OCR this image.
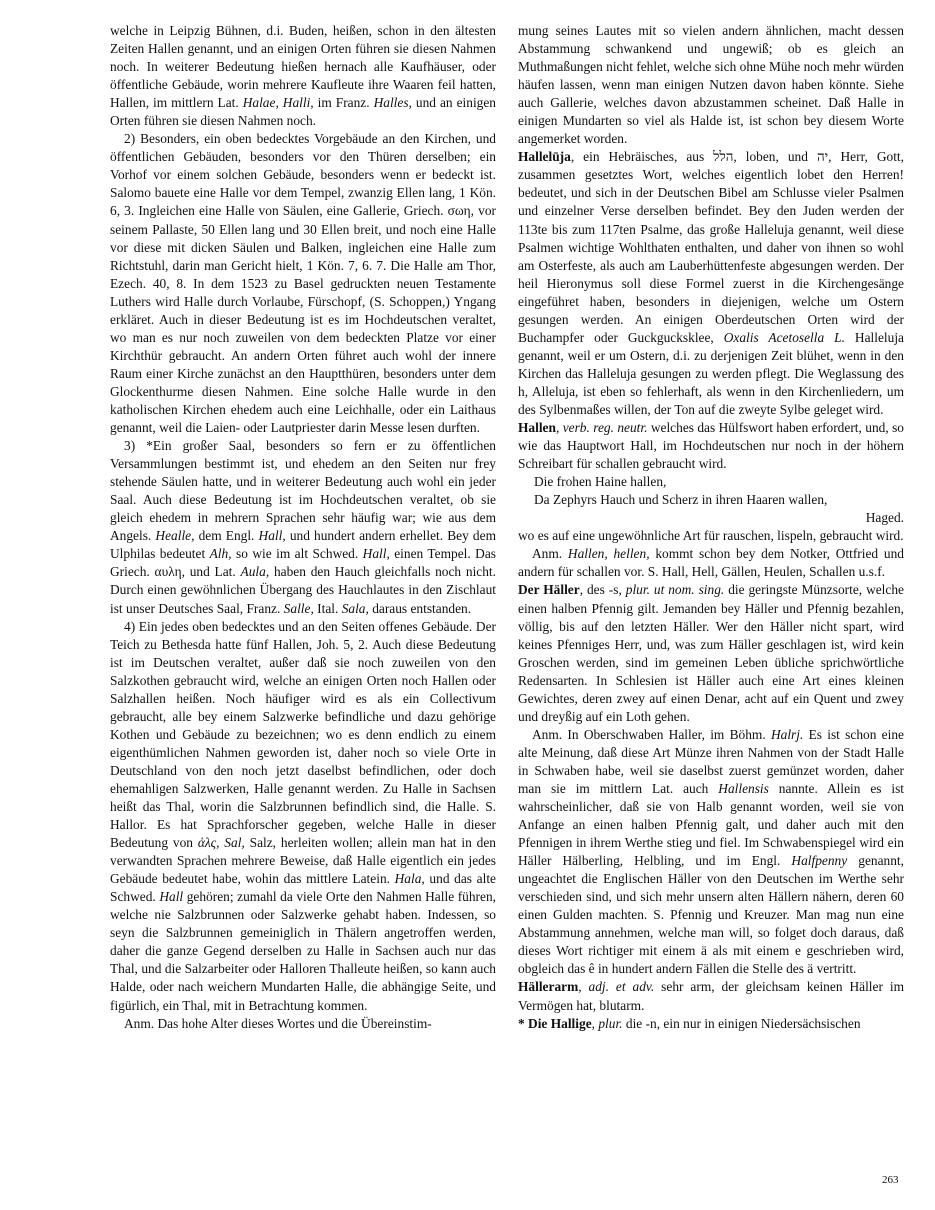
welche in Leipzig Bühnen, d.i. Buden, heißen, schon in den ältesten Zeiten Hallen genannt, und an einigen Orten führen sie diesen Nahmen noch. In weiterer Bedeutung hießen hernach alle Kaufhäuser, oder öffentliche Gebäude, worin mehrere Kaufleute ihre Waaren feil hatten, Hallen, im mittlern Lat. Halae, Halli, im Franz. Halles, und an einigen Orten führen sie diesen Nahmen noch.

2) Besonders, ein oben bedecktes Vorgebäude an den Kirchen, und öffentlichen Gebäuden, besonders vor den Thüren derselben; ein Vorhof vor einem solchen Gebäude, besonders wenn er bedeckt ist. Salomo bauete eine Halle vor dem Tempel, zwanzig Ellen lang, 1 Kön. 6, 3. Ingleichen eine Halle von Säulen, eine Gallerie, Griech. σωη, vor seinem Pallaste, 50 Ellen lang und 30 Ellen breit, und noch eine Halle vor diese mit dicken Säulen und Balken, ingleichen eine Halle zum Richtstuhl, darin man Gericht hielt, 1 Kön. 7, 6. 7. Die Halle am Thor, Ezech. 40, 8. In dem 1523 zu Basel gedruckten neuen Testamente Luthers wird Halle durch Vorlaube, Fürschopf, (S. Schoppen,) Yngang erkläret. Auch in dieser Bedeutung ist es im Hochdeutschen veraltet, wo man es nur noch zuweilen von dem bedeckten Platze vor einer Kirchthür gebraucht. An andern Orten führet auch wohl der innere Raum einer Kirche zunächst an den Hauptthüren, besonders unter dem Glockenthurme diesen Nahmen. Eine solche Halle wurde in den katholischen Kirchen ehedem auch eine Leichhalle, oder ein Laithaus genannt, weil die Laien- oder Lautpriester darin Messe lesen durften.

3) *Ein großer Saal, besonders so fern er zu öffentlichen Versammlungen bestimmt ist, und ehedem an den Seiten nur frey stehende Säulen hatte, und in weiterer Bedeutung auch wohl ein jeder Saal. Auch diese Bedeutung ist im Hochdeutschen veraltet, ob sie gleich ehedem in mehrern Sprachen sehr häufig war; wie aus dem Angels. Healle, dem Engl. Hall, und hundert andern erhellet. Bey dem Ulphilas bedeutet Alh, so wie im alt Schwed. Hall, einen Tempel. Das Griech. αυλη, und Lat. Aula, haben den Hauch gleichfalls noch nicht. Durch einen gewöhnlichen Übergang des Hauchlautes in den Zischlaut ist unser Deutsches Saal, Franz. Salle, Ital. Sala, daraus entstanden.

4) Ein jedes oben bedecktes und an den Seiten offenes Gebäude. Der Teich zu Bethesda hatte fünf Hallen, Joh. 5, 2. Auch diese Bedeutung ist im Deutschen veraltet, außer daß sie noch zuweilen von den Salzkothen gebraucht wird, welche an einigen Orten noch Hallen oder Salzhallen heißen. Noch häufiger wird es als ein Collectivum gebraucht, alle bey einem Salzwerke befindliche und dazu gehörige Kothen und Gebäude zu bezeichnen; wo es denn endlich zu einem eigenthümlichen Nahmen geworden ist, daher noch so viele Orte in Deutschland von den noch jetzt daselbst befindlichen, oder doch ehemahligen Salzwerken, Halle genannt werden. Zu Halle in Sachsen heißt das Thal, worin die Salzbrunnen befindlich sind, die Halle. S. Hallor. Es hat Sprachforscher gegeben, welche Halle in dieser Bedeutung von ἁλς, Sal, Salz, herleiten wollen; allein man hat in den verwandten Sprachen mehrere Beweise, daß Halle eigentlich ein jedes Gebäude bedeutet habe, wohin das mittlere Latein. Hala, und das alte Schwed. Hall gehören; zumahl da viele Orte den Nahmen Halle führen, welche nie Salzbrunnen oder Salzwerke gehabt haben. Indessen, so seyn die Salzbrunnen gemeiniglich in Thälern angetroffen werden, daher die ganze Gegend derselben zu Halle in Sachsen auch nur das Thal, und die Salzarbeiter oder Halloren Thalleute heißen, so kann auch Halde, oder nach weichern Mundarten Halle, die abhängige Seite, und figürlich, ein Thal, mit in Betrachtung kommen.

Anm. Das hohe Alter dieses Wortes und die Übereinstim-

mung seines Lautes mit so vielen andern ähnlichen, macht dessen Abstammung schwankend und ungewiß; ob es gleich an Muthmaßungen nicht fehlet, welche sich ohne Mühe noch mehr würden häufen lassen, wenn man einigen Nutzen davon haben könnte. Siehe auch Gallerie, welches davon abzustammen scheinet. Daß Halle in einigen Mundarten so viel als Halde ist, ist schon bey diesem Worte angemerket worden.

Hallelūja, ein Hebräisches, aus הלל, loben, und יה, Herr, Gott, zusammen gesetztes Wort, welches eigentlich lobet den Herren! bedeutet, und sich in der Deutschen Bibel am Schlusse vieler Psalmen und einzelner Verse derselben befindet. Bey den Juden werden der 113te bis zum 117ten Psalme, das große Halleluja genannt, weil diese Psalmen wichtige Wohlthaten enthalten, und daher von ihnen so wohl am Osterfeste, als auch am Lauberhüttenfeste abgesungen werden. Der heil Hieronymus soll diese Formel zuerst in die Kirchengesänge eingeführet haben, besonders in diejenigen, welche um Ostern gesungen werden. An einigen Oberdeutschen Orten wird der Buchampfer oder Guckgucksklee, Oxalis Acetosella L. Halleluja genannt, weil er um Ostern, d.i. zu derjenigen Zeit blühet, wenn in den Kirchen das Halleluja gesungen zu werden pflegt. Die Weglassung des h, Alleluja, ist eben so fehlerhaft, als wenn in den Kirchenliedern, um des Sylbenmaßes willen, der Ton auf die zweyte Sylbe geleget wird.

Hallen, verb. reg. neutr. welches das Hülfswort haben erfordert, und, so wie das Hauptwort Hall, im Hochdeutschen nur noch in der höhern Schreibart für schallen gebraucht wird.

Die frohen Haine hallen,

Da Zephyrs Hauch und Scherz in ihren Haaren wallen,

Haged.

wo es auf eine ungewöhnliche Art für rauschen, lispeln, gebraucht wird.

Anm. Hallen, hellen, kommt schon bey dem Notker, Ottfried und andern für schallen vor. S. Hall, Hell, Gällen, Heulen, Schallen u.s.f.

Der Häller, des -s, plur. ut nom. sing. die geringste Münzsorte, welche einen halben Pfennig gilt. Jemanden bey Häller und Pfennig bezahlen, völlig, bis auf den letzten Häller. Wer den Häller nicht spart, wird keines Pfenniges Herr, und, was zum Häller geschlagen ist, wird kein Groschen werden, sind im gemeinen Leben übliche sprichwörtliche Redensarten. In Schlesien ist Häller auch eine Art eines kleinen Gewichtes, deren zwey auf einen Denar, acht auf ein Quent und zwey und dreyßig auf ein Loth gehen.

Anm. In Oberschwaben Haller, im Böhm. Halrj. Es ist schon eine alte Meinung, daß diese Art Münze ihren Nahmen von der Stadt Halle in Schwaben habe, weil sie daselbst zuerst gemünzet worden, daher man sie im mittlern Lat. auch Hallensis nannte. Allein es ist wahrscheinlicher, daß sie von Halb genannt worden, weil sie von Anfange an einen halben Pfennig galt, und daher auch mit den Pfennigen in ihrem Werthe stieg und fiel. Im Schwabenspiegel wird ein Häller Hälberling, Helbling, und im Engl. Halfpenny genannt, ungeachtet die Englischen Häller von den Deutschen im Werthe sehr verschieden sind, und sich mehr unsern alten Hällern nähern, deren 60 einen Gulden machten. S. Pfennig und Kreuzer. Man mag nun eine Abstammung annehmen, welche man will, so folget doch daraus, daß dieses Wort richtiger mit einem ä als mit einem e geschrieben wird, obgleich das ê in hundert andern Fällen die Stelle des ä vertritt.

Hällerarm, adj. et adv. sehr arm, der gleichsam keinen Häller im Vermögen hat, blutarm.

* Die Hallige, plur. die -n, ein nur in einigen Niedersächsischen

263
